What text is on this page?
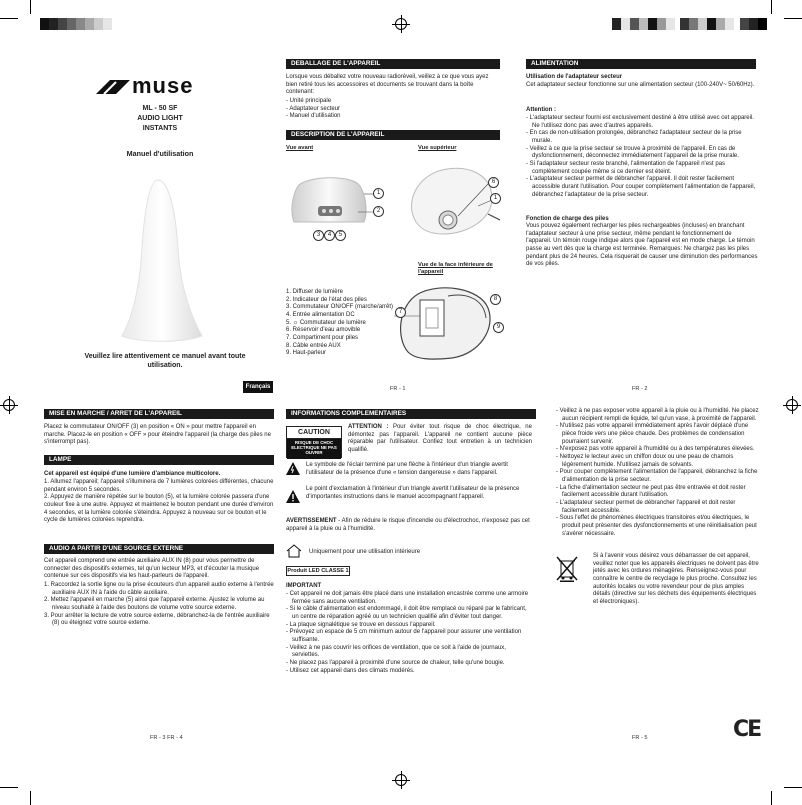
muse
ML - 50 SF
AUDIO LIGHT
INSTANTS
Manuel d'utilisation
Veuillez lire attentivement ce manuel avant toute utilisation.
Français
DEBALLAGE DE L'APPAREIL
Lorsque vous déballez votre nouveau radioréveil, veillez à ce que vous ayez bien retiré tous les accessoires et documents se trouvant dans la boîte contenant:
- Unité principale
- Adaptateur secteur
- Manuel d'utilisation
DESCRIPTION DE L'APPAREIL
Vue avant	Vue supérieur
1
2
3	4	5
6
1
Vue de la face inférieure de l'appareil
8
7
9
1. Diffuser de lumière
2. Indicateur de l'état des piles
3. Commutateur ON/OFF (marche/arrêt)
4. Entrée alimentation DC
5. ☼ Commutateur de lumière
6. Réservoir d'eau amovible
7. Compartiment pour piles
8. Câble entrée AUX
9. Haut-parleur
FR - 1
ALIMENTATION
Utilisation de l'adaptateur secteur
Cet adaptateur secteur fonctionne sur une alimentation secteur (100-240V~ 50/60Hz).
Attention :
- L'adaptateur secteur fourni est exclusivement destiné à être utilisé avec cet appareil. Ne l'utilisez donc pas avec d'autres appareils.
- En cas de non-utilisation prolongée, débranchez l'adaptateur secteur de la prise murale.
- Veillez à ce que la prise secteur se trouve à proximité de l'appareil. En cas de dysfonctionnement, déconnectez immédiatement l'appareil de la prise murale.
- Si l'adaptateur secteur reste branché, l'alimentation de l'appareil n'est pas complètement coupée même si ce dernier est éteint.
- L'adaptateur secteur permet de débrancher l'appareil. Il doit rester facilement accessible durant l'utilisation. Pour couper complètement l'alimentation de l'appareil, débranchez l'adaptateur de la prise secteur.
Fonction de charge des piles
Vous pouvez également recharger les piles rechargeables (incluses) en branchant l'adaptateur secteur à une prise secteur, même pendant le fonctionnement de l'appareil. Un témoin rouge indique alors que l'appareil est en mode charge. Le témoin passe au vert dès que la charge est terminée. Remarques: Ne chargez pas les piles pendant plus de 24 heures. Cela risquerait de causer une diminution des performances de vos piles.
FR - 2
MISE EN MARCHE / ARRET DE L'APPAREIL
Placez le commutateur ON/OFF (3) en position « ON » pour mettre l'appareil en marche. Placez-le en position « OFF » pour éteindre l'appareil (la charge des piles ne s'interrompt pas).
LAMPE
Cet appareil est équipé d'une lumière d'ambiance multicolore.
1. Allumez l'appareil; l'appareil s'illuminera de 7 lumières colorées différentes, chacune pendant environ 5 secondes.
2. Appuyez de manière répétée sur le bouton (5), et la lumière colorée passera d'une couleur fixe à une autre. Appuyez et maintenez le bouton pendant une durée d'environ 4 secondes, et la lumière colorée s'éteindra. Appuyez à nouveau sur ce bouton et le cycle de lumières colorées reprendra.
AUDIO A PARTIR D'UNE SOURCE EXTERNE
Cet appareil comprend une entrée auxiliaire AUX IN (8) pour vous permettre de connecter des dispositifs externes, tel qu'un lecteur MP3, et d'écouter la musique contenue sur ces dispositifs via les haut-parleurs de l'appareil.
1. Raccordez la sortie ligne ou la prise écouteurs d'un appareil audio externe à l'entrée auxiliaire AUX IN à l'aide du câble auxiliaire.
2. Mettez l'appareil en marche (5) ainsi que l'appareil externe. Ajustez le volume au niveau souhaité à l'aide des boutons de volume votre source externe.
3. Pour arrêter la lecture de votre source externe, débranchez-la de l'entrée auxiliaire (8) ou éteignez votre source externe.
FR - 3 FR - 4
INFORMATIONS COMPLEMENTAIRES
CAUTION
RISQUE DE CHOC ELECTRIQUE NE PAS OUVRIR
ATTENTION : Pour éviter tout risque de choc électrique, ne démontez pas l'appareil. L'appareil ne contient aucune pièce réparable par l'utilisateur. Confiez tout entretien à un technicien qualifié.
Le symbole de l'éclair terminé par une flèche à l'intérieur d'un triangle avertit l'utilisateur de la présence d'une « tension dangereuse » dans l'appareil.
Le point d'exclamation à l'intérieur d'un triangle avertit l'utilisateur de la présence d'importantes instructions dans le manuel accompagnant l'appareil.
AVERTISSEMENT - Afin de réduire le risque d'incendie ou d'électrochoc, n'exposez pas cet appareil à la pluie ou à l'humidité.
Uniquement pour une utilisation intérieure
Produit LED CLASSE 1
IMPORTANT
- Cet appareil ne doit jamais être placé dans une installation encastrée comme une armoire fermée sans aucune ventilation.
- Si le câble d'alimentation est endommagé, il doit être remplacé ou réparé par le fabricant, un centre de réparation agréé ou un technicien qualifié afin d'éviter tout danger.
- La plaque signalétique se trouve en dessous l'appareil.
- Prévoyez un espace de 5 cm minimum autour de l'appareil pour assurer une ventilation suffisante.
- Veillez à ne pas couvrir les orifices de ventilation, que ce soit à l'aide de journaux, serviettes.
- Ne placez pas l'appareil à proximité d'une source de chaleur, telle qu'une bougie.
- Utilisez cet appareil dans des climats modérés.
- Veillez à ne pas exposer votre appareil à la pluie ou à l'humidité. Ne placez aucun récipient rempli de liquide, tel qu'un vase, à proximité de l'appareil.
- N'utilisez pas votre appareil immédiatement après l'avoir déplacé d'une pièce froide vers une pièce chaude. Des problèmes de condensation pourraient survenir.
- N'exposez pas votre appareil à l'humidité ou à des températures élevées.
- Nettoyez le lecteur avec un chiffon doux ou une peau de chamois légèrement humide. N'utilisez jamais de solvants.
- Pour couper complètement l'alimentation de l'appareil, débranchez la fiche d'alimentation de la prise secteur.
- La fiche d'alimentation secteur ne peut pas être entravée et doit rester facilement accessible durant l'utilisation.
- L'adaptateur secteur permet de débrancher l'appareil et doit rester facilement accessible.
- Sous l'effet de phénomènes électriques transitoires et/ou électriques, le produit peut présenter des dysfonctionnements et une réinitialisation peut s'avérer nécessaire.
Si à l'avenir vous désirez vous débarrasser de cet appareil, veuillez noter que les appareils électriques ne doivent pas être jetés avec les ordures ménagères. Renseignez-vous pour connaître le centre de recyclage le plus proche. Consultez les autorités locales ou votre revendeur pour de plus amples détails (directive sur les déchets des équipements électriques et électroniques).
CE
FR - 5
